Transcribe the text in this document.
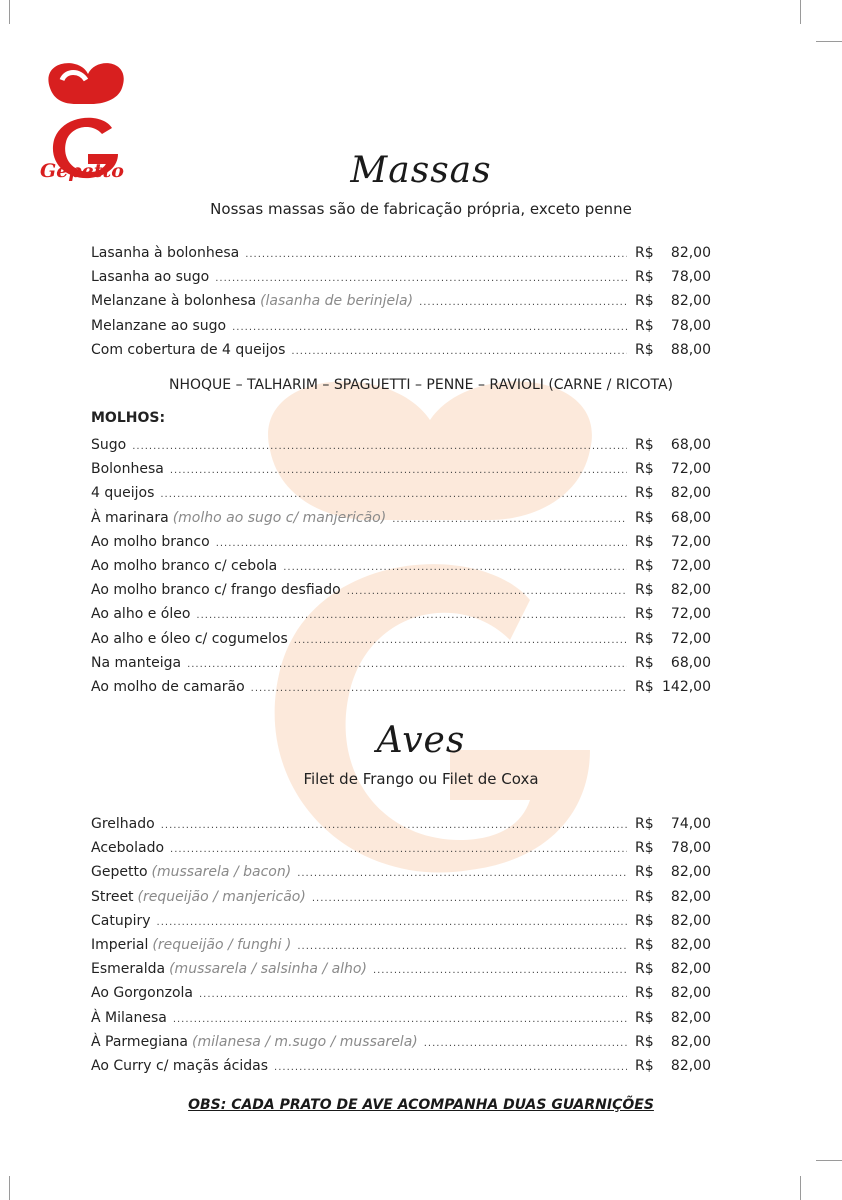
Gepetto	Massas
Nossas massas são de fabricação própria, exceto penne
Lasanha à bolonhesa .....	R$ 82,00
Lasanha ao sugo .....	R$ 78,00
Melanzane à bolonhesa (lasanha de berinjela) .....	R$ 82,00
Melanzane ao sugo .....	R$ 78,00
Com cobertura de 4 queijos .....	R$ 88,00
NHOQUE – TALHARIM – SPAGUETTI – PENNE – RAVIOLI (CARNE / RICOTA)
MOLHOS:
Sugo .....	R$ 68,00
Bolonhesa .....	R$ 72,00
4 queijos .....	R$ 82,00
À marinara (molho ao sugo c/ manjericão) .....	R$ 68,00
Ao molho branco .....	R$ 72,00
Ao molho branco c/ cebola .....	R$ 72,00
Ao molho branco c/ frango desfiado .....	R$ 82,00
Ao alho e óleo .....	R$ 72,00
Ao alho e óleo c/ cogumelos .....	R$ 72,00
Na manteiga .....	R$ 68,00
Ao molho de camarão .....	R$ 142,00
Aves
Filet de Frango ou Filet de Coxa
Grelhado .....	R$ 74,00
Acebolado .....	R$ 78,00
Gepetto (mussarela / bacon) .....	R$ 82,00
Street (requeijão / manjericão) .....	R$ 82,00
Catupiry .....	R$ 82,00
Imperial (requeijão / funghi ) .....	R$ 82,00
Esmeralda (mussarela / salsinha / alho) .....	R$ 82,00
Ao Gorgonzola .....	R$ 82,00
À Milanesa .....	R$ 82,00
À Parmegiana (milanesa / m.sugo / mussarela) .....	R$ 82,00
Ao Curry c/ maçãs ácidas .....	R$ 82,00
OBS: CADA PRATO DE AVE ACOMPANHA DUAS GUARNIÇÕES
